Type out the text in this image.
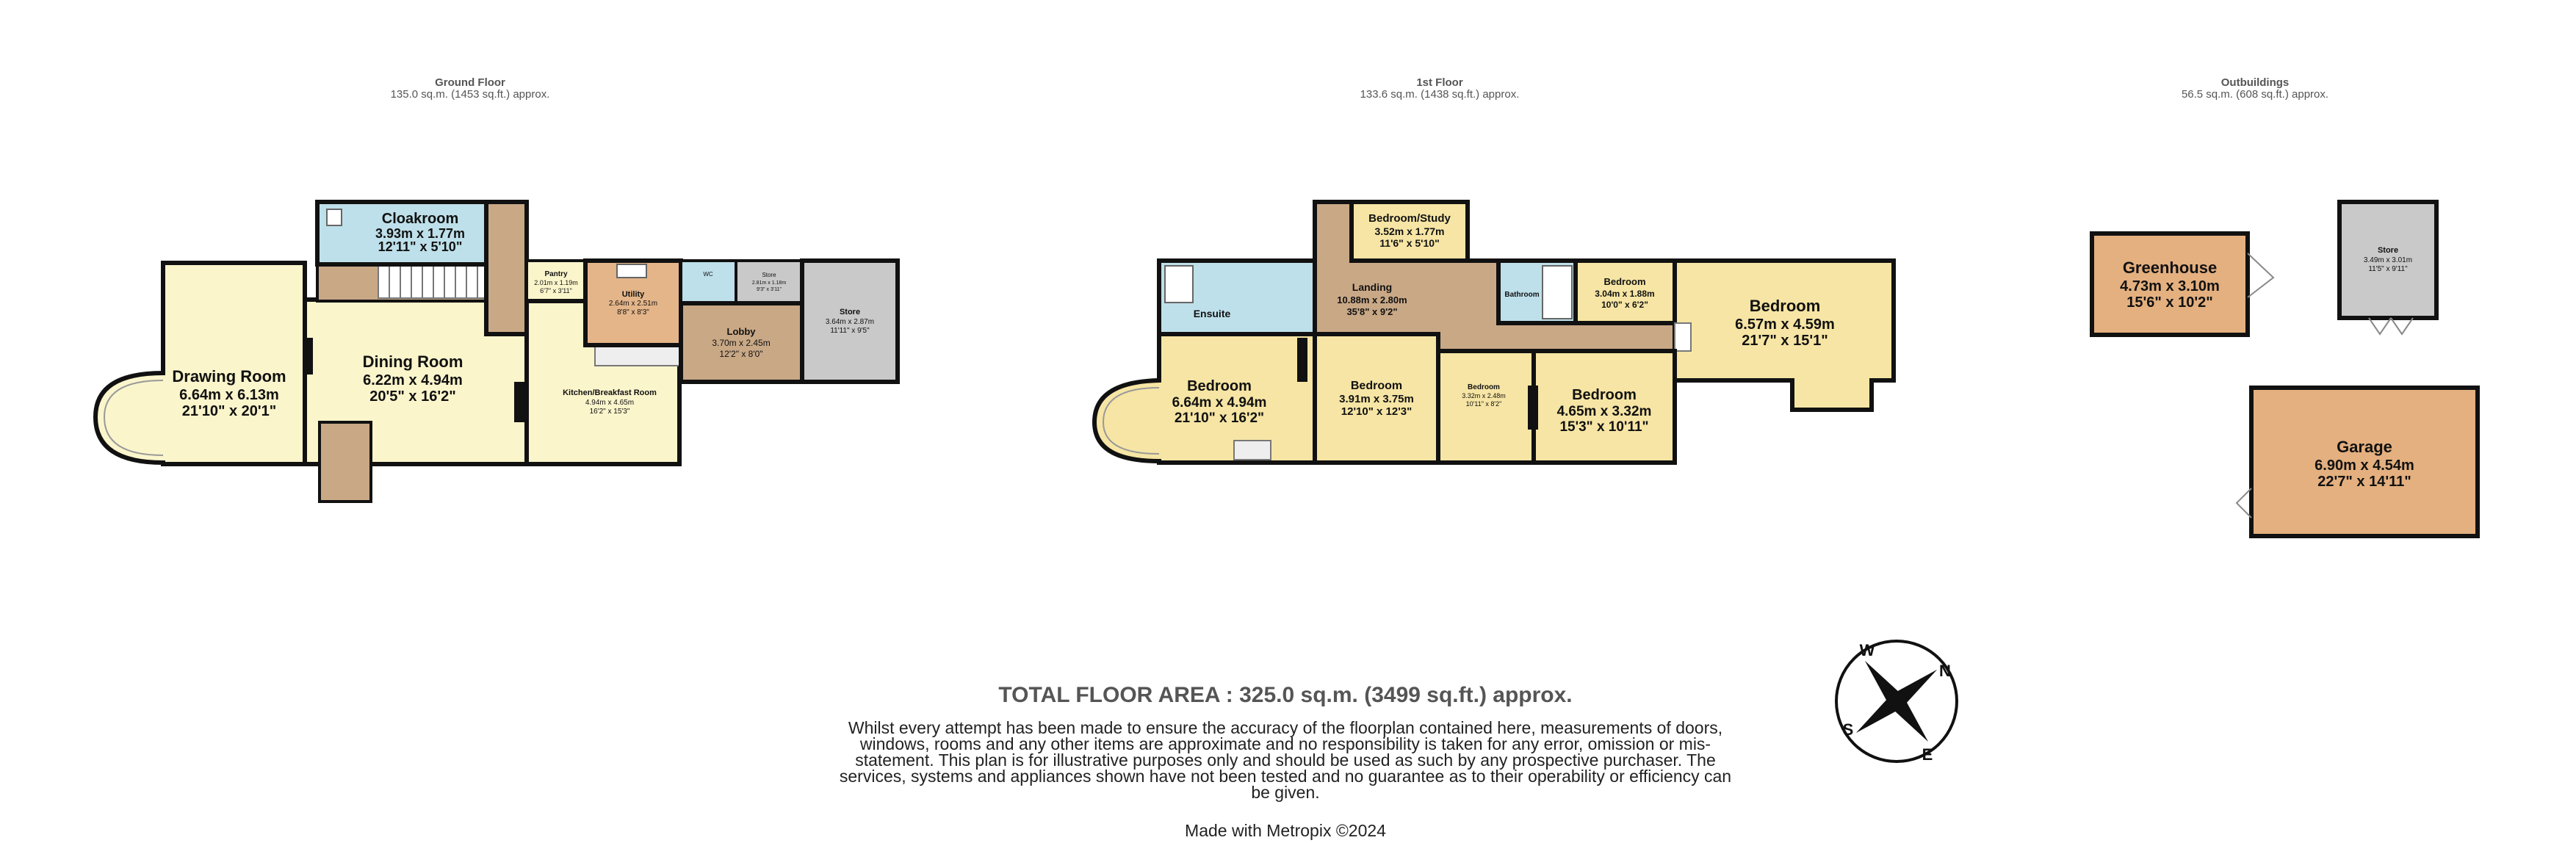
Ground Floor
135.0 sq.m. (1453 sq.ft.) approx.
1st Floor
133.6 sq.m. (1438 sq.ft.) approx.
Outbuildings
56.5 sq.m. (608 sq.ft.) approx.
Cloakroom
3.93m x 1.77m
12'11" x 5'10"
Drawing Room
6.64m x 6.13m
21'10" x 20'1"
Dining Room
6.22m x 4.94m
20'5" x 16'2"
Pantry
2.01m x 1.19m
6'7" x 3'11"	Utility
2.64m x 2.51m
8'8" x 8'3"
WC	Store
2.81m x 1.18m
9'3" x 3'11"
Lobby
3.70m x 2.45m
12'2" x 8'0"
Store
3.64m x 2.87m
11'11" x 9'5"
Kitchen/Breakfast Room
4.94m x 4.65m
16'2" x 15'3"
Bedroom/Study
3.52m x 1.77m
11'6" x 5'10"
Ensuite
Landing
10.88m x 2.80m
35'8" x 9'2"
Bathroom
Bedroom
3.04m x 1.88m
10'0" x 6'2"	Bedroom
6.57m x 4.59m
21'7" x 15'1"
Bedroom
6.64m x 4.94m
21'10" x 16'2"
Bedroom
3.91m x 3.75m
12'10" x 12'3"
Bedroom
3.32m x 2.48m
10'11" x 8'2"
Bedroom
4.65m x 3.32m
15'3" x 10'11"
Greenhouse
4.73m x 3.10m
15'6" x 10'2"
Store
3.49m x 3.01m
11'5" x 9'11"
Garage
6.90m x 4.54m
22'7" x 14'11"
N
E
S
W
TOTAL FLOOR AREA : 325.0 sq.m. (3499 sq.ft.) approx.
Whilst every attempt has been made to ensure the accuracy of the floorplan contained here, measurements of doors, windows, rooms and any other items are approximate and no responsibility is taken for any error, omission or mis-statement. This plan is for illustrative purposes only and should be used as such by any prospective purchaser. The services, systems and appliances shown have not been tested and no guarantee as to their operability or efficiency can be given.
Made with Metropix ©2024
